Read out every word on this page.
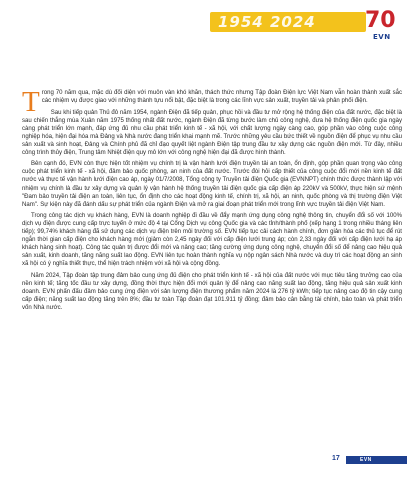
1954 2024 70
EVN

Trong 70 năm qua, mặc dù đối diện với muôn vàn khó khăn, thách thức nhưng Tập đoàn Điện lực Việt Nam vẫn hoàn thành xuất sắc các nhiệm vụ được giao với những thành tựu nổi bật, đặc biệt là trong các lĩnh vực sản xuất, truyền tải và phân phối điện.

Sau khi tiếp quản Thủ đô năm 1954, ngành Điện đã tiếp quản, phục hồi và đầu tư mở rộng hệ thống điện của đất nước, đặc biệt là sau chiến thắng mùa Xuân năm 1975 thống nhất đất nước, ngành Điện đã từng bước làm chủ công nghệ, đưa hệ thống điện quốc gia ngày càng phát triển lớn mạnh, đáp ứng đủ nhu cầu phát triển kinh tế - xã hội, với chất lượng ngày càng cao, góp phần vào công cuộc công nghiệp hóa, hiện đại hóa mà Đảng và Nhà nước đang triển khai mạnh mẽ. Trước những yêu cầu bức thiết về nguồn điện để phục vụ nhu cầu sản xuất và sinh hoạt, Đảng và Chính phủ đã chỉ đạo quyết liệt ngành Điện tập trung đầu tư xây dựng các nguồn điện mới. Từ đây, nhiều công trình thủy điện, Trung tâm Nhiệt điện quy mô lớn với công nghệ hiện đại đã được hình thành.

Bên cạnh đó, EVN còn thực hiện tốt nhiệm vụ chính trị là vận hành lưới điện truyền tải an toàn, ổn định, góp phần quan trọng vào công cuộc phát triển kinh tế - xã hội, đảm bảo quốc phòng, an ninh của đất nước. Trước đòi hỏi cấp thiết của công cuộc đổi mới nền kinh tế đất nước và thực tế vận hành lưới điện cao áp, ngày 01/7/2008, Tổng công ty Truyền tải điện Quốc gia (EVNNPT) chính thức được thành lập với nhiệm vụ chính là đầu tư xây dựng và quản lý vận hành hệ thống truyền tải điện quốc gia cấp điện áp 220kV và 500kV, thực hiện sứ mệnh "Đam bảo truyền tải điện an toàn, liên tục, ổn định cho các hoạt động kinh tế, chính trị, xã hội, an ninh, quốc phòng và thị trường điện Việt Nam". Sự kiện này đã đánh dấu sự phát triển của ngành Điện và mở ra giai đoạn phát triển mới trong lĩnh vực truyền tải điện Việt Nam.

Trong công tác dịch vụ khách hàng, EVN là doanh nghiệp đi đầu về đẩy mạnh ứng dụng công nghệ thông tin, chuyển đổi số với 100% dịch vụ điện được cung cấp trực tuyến ở mức độ 4 tại Cổng Dịch vụ công Quốc gia và các tỉnh/thành phố (xếp hạng 1 trong nhiều tháng liên tiếp); 99,74% khách hàng đã sử dụng các dịch vụ điện trên môi trường số. EVN tiếp tục cải cách hành chính, đơn giản hóa các thủ tục để rút ngắn thời gian cấp điện cho khách hàng mới (giảm còn 2,45 ngày đối với cấp điện lưới trung áp; còn 2,33 ngày đối với cấp điện lưới hạ áp khách hàng sinh hoạt). Công tác quản trị được đổi mới và nâng cao; tăng cường ứng dụng công nghệ, chuyển đổi số để nâng cao hiệu quả sản xuất, kinh doanh, tăng năng suất lao động. EVN liên tục hoàn thành nghĩa vụ nộp ngân sách Nhà nước và duy trì các hoạt động an sinh xã hội có ý nghĩa thiết thực, thể hiện trách nhiệm với xã hội và cộng đồng.

Năm 2024, Tập đoàn tập trung đảm bảo cung ứng đủ điện cho phát triển kinh tế - xã hội của đất nước với mục tiêu tăng trưởng cao của nền kinh tế; tăng tốc đầu tư xây dựng, đồng thời thực hiện đổi mới quản lý để nâng cao năng suất lao động, tăng hiệu quả sản xuất kinh doanh. EVN phấn đấu đảm bảo cung ứng điện với sản lượng điện thương phẩm năm 2024 là 276 tỷ kWh; tiếp tục nâng cao độ tin cậy cung cấp điện; năng suất lao động tăng trên 8%; đầu tư toàn Tập đoàn đạt 101.911 tỷ đồng; đảm bảo cân bằng tài chính, bảo toàn và phát triển vốn Nhà nước.

17	EVN
